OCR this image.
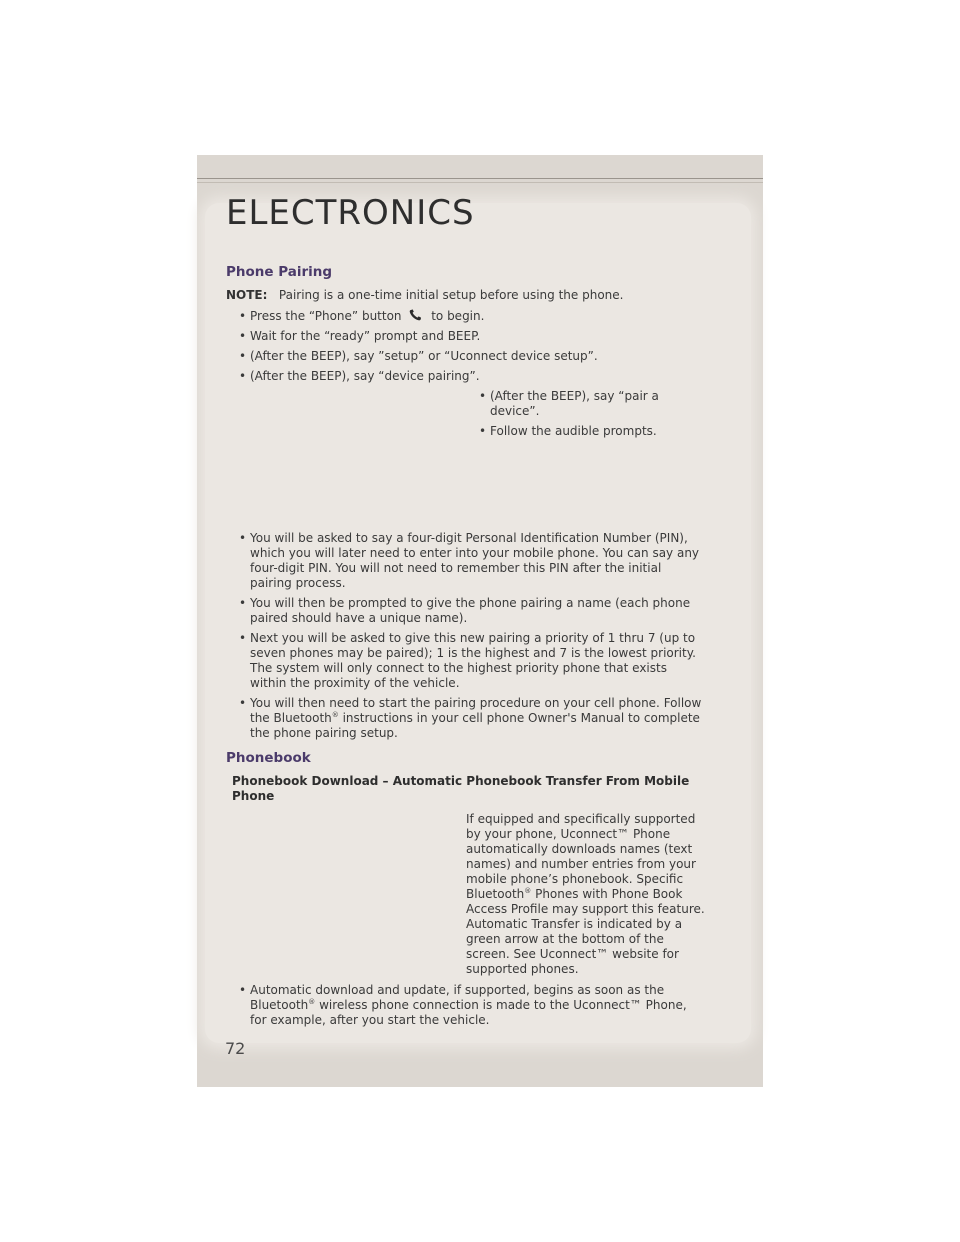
ELECTRONICS
Phone Pairing

NOTE: Pairing is a one-time initial setup before using the phone.

• Press the “Phone” button to begin.
• Wait for the “ready” prompt and BEEP.
• (After the BEEP), say ”setup” or “Uconnect device setup”.
• (After the BEEP), say “device pairing”.
• (After the BEEP), say “pair a device”.
• Follow the audible prompts.
• You will be asked to say a four-digit Personal Identification Number (PIN), which you will later need to enter into your mobile phone. You can say any four-digit PIN. You will not need to remember this PIN after the initial pairing process.
• You will then be prompted to give the phone pairing a name (each phone paired should have a unique name).
• Next you will be asked to give this new pairing a priority of 1 thru 7 (up to seven phones may be paired); 1 is the highest and 7 is the lowest priority. The system will only connect to the highest priority phone that exists within the proximity of the vehicle.
• You will then need to start the pairing procedure on your cell phone. Follow the Bluetooth® instructions in your cell phone Owner's Manual to complete the phone pairing setup.
Phonebook

Phonebook Download – Automatic Phonebook Transfer From Mobile Phone

If equipped and specifically supported by your phone, Uconnect™ Phone automatically downloads names (text names) and number entries from your mobile phone’s phonebook. Specific Bluetooth® Phones with Phone Book Access Profile may support this feature. Automatic Transfer is indicated by a green arrow at the bottom of the screen. See Uconnect™ website for supported phones.

• Automatic download and update, if supported, begins as soon as the Bluetooth® wireless phone connection is made to the Uconnect™ Phone, for example, after you start the vehicle.
72
